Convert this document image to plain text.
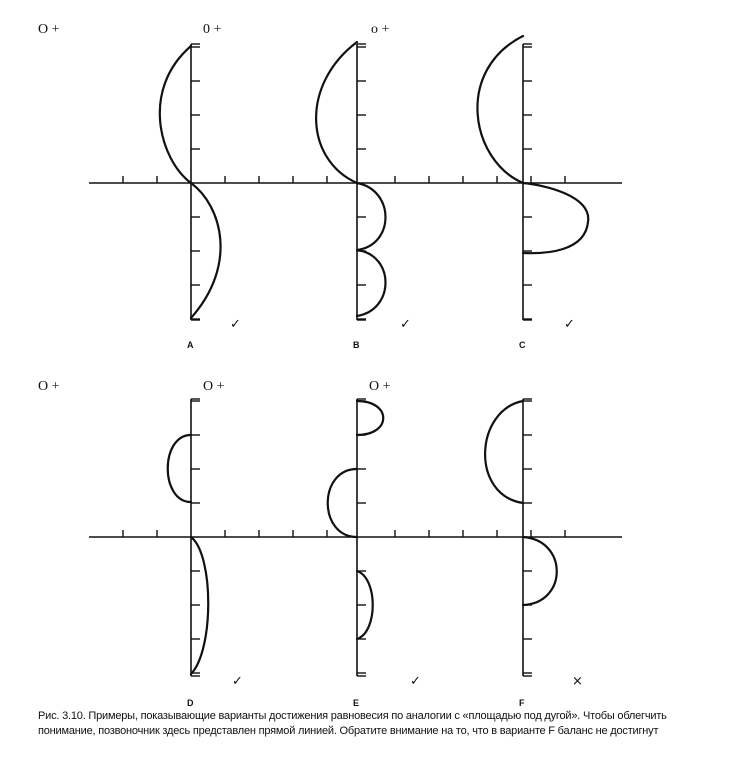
O +	0 +	o +
O +	O +	O +
A	B	C
D	E	F
✓	✓	✓
✓	✓	×

Рис. 3.10. Примеры, показывающие варианты достижения равновесия по аналогии с «площадью под дугой». Чтобы облегчить понимание, позвоночник здесь представлен прямой линией. Обратите внимание на то, что в варианте F баланс не достигнут
